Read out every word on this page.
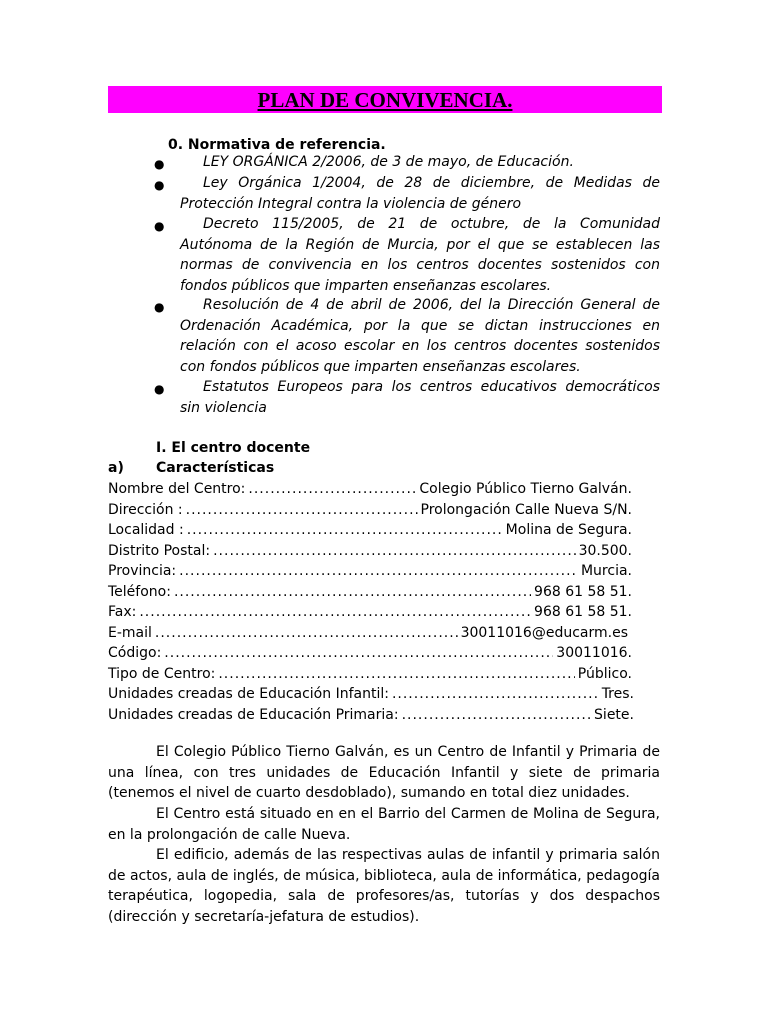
PLAN DE CONVIVENCIA.
0. Normativa de referencia.
●	LEY ORGÁNICA 2/2006, de 3 de mayo, de Educación.
●	Ley Orgánica 1/2004, de 28 de diciembre, de Medidas de Protección Integral contra la violencia de género
●	Decreto 115/2005, de 21 de octubre, de la Comunidad Autónoma de la Región de Murcia, por el que se establecen las normas de convivencia en los centros docentes sostenidos con fondos públicos que imparten enseñanzas escolares.
●	Resolución de 4 de abril de 2006, del la Dirección General de Ordenación Académica, por la que se dictan instrucciones en relación con el acoso escolar en los centros docentes sostenidos con fondos públicos que imparten enseñanzas escolares.
●	Estatutos Europeos para los centros educativos democráticos sin violencia
I. El centro docente
a) Características
Nombre del Centro: .....	Colegio Público Tierno Galván.
Dirección : .....	Prolongación Calle Nueva S/N.
Localidad : .....	Molina de Segura.
Distrito Postal: .....	30.500.
Provincia: .....	Murcia.
Teléfono: .....	968 61 58 51.
Fax: .....	968 61 58 51.
E-mail .....	30011016@educarm.es
Código: .....	30011016.
Tipo de Centro: .....	Público.
Unidades creadas de Educación Infantil: .....	Tres.
Unidades creadas de Educación Primaria: .....	Siete.
El Colegio Público Tierno Galván, es un Centro de Infantil y Primaria de una línea, con tres unidades de Educación Infantil y siete de primaria (tenemos el nivel de cuarto desdoblado), sumando en total diez unidades.
El Centro está situado en en el Barrio del Carmen de Molina de Segura, en la prolongación de calle Nueva.
El edificio, además de las respectivas aulas de infantil y primaria salón de actos, aula de inglés, de música, biblioteca, aula de informática, pedagogía terapéutica, logopedia, sala de profesores/as, tutorías y dos despachos (dirección y secretaría-jefatura de estudios).
